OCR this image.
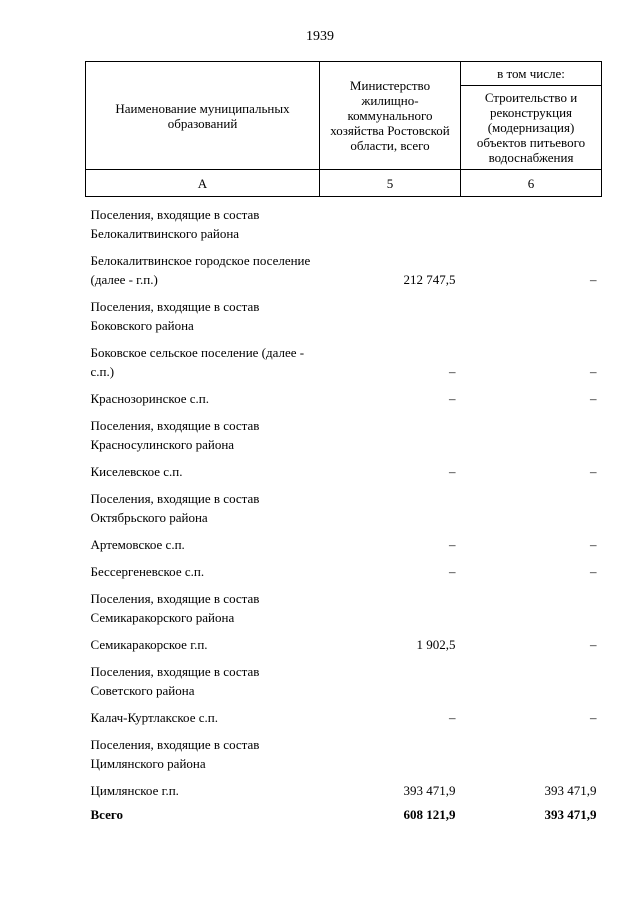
1939
Наименование муниципальных образований	Министерство жилищно-коммунального хозяйства Ростовской области, всего	в том числе:
		Строительство и реконструкция (модернизация) объектов питьевого водоснабжения
А	5	6
Поселения, входящие в состав Белокалитвинского района		
Белокалитвинское городское поселение (далее - г.п.)	212 747,5	–
Поселения, входящие в состав Боковского района		
Боковское сельское поселение (далее - с.п.)	–	–
Краснозоринское с.п.	–	–
Поселения, входящие в состав Красносулинского района		
Киселевское с.п.	–	–
Поселения, входящие в состав Октябрьского района		
Артемовское с.п.	–	–
Бессергеневское с.п.	–	–
Поселения, входящие в состав Семикаракорского района		
Семикаракорское г.п.	1 902,5	–
Поселения, входящие в состав Советского района		
Калач-Куртлакское с.п.	–	–
Поселения, входящие в состав Цимлянского района		
Цимлянское г.п.	393 471,9	393 471,9
Всего	608 121,9	393 471,9
